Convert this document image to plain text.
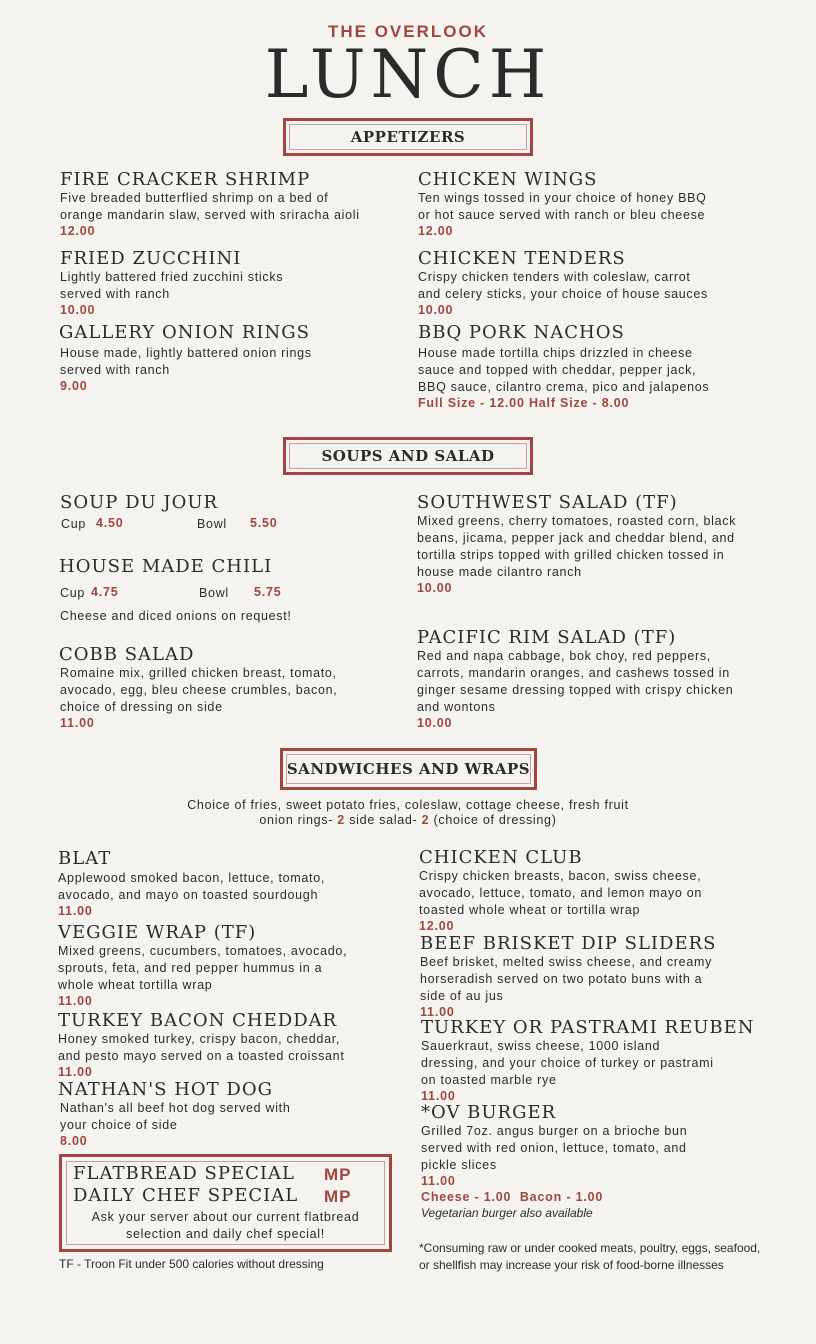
THE OVERLOOK
LUNCH
APPETIZERS
FIRE CRACKER SHRIMP
Five breaded butterflied shrimp on a bed of
orange mandarin slaw, served with sriracha aioli
12.00
FRIED ZUCCHINI
Lightly battered fried zucchini sticks
served with ranch
10.00
GALLERY ONION RINGS
House made, lightly battered onion rings
served with ranch
9.00
CHICKEN WINGS
Ten wings tossed in your choice of honey BBQ
or hot sauce served with ranch or bleu cheese
12.00
CHICKEN TENDERS
Crispy chicken tenders with coleslaw, carrot
and celery sticks, your choice of house sauces
10.00
BBQ PORK NACHOS
House made tortilla chips drizzled in cheese
sauce and topped with cheddar, pepper jack,
BBQ sauce, cilantro crema, pico and jalapenos
Full Size - 12.00 Half Size - 8.00
SOUPS AND SALAD
SOUP DU JOUR
Cup 4.50	Bowl 5.50
HOUSE MADE CHILI
Cup 4.75	Bowl 5.75
Cheese and diced onions on request!
COBB SALAD
Romaine mix, grilled chicken breast, tomato,
avocado, egg, bleu cheese crumbles, bacon,
choice of dressing on side
11.00
SOUTHWEST SALAD (TF)
Mixed greens, cherry tomatoes, roasted corn, black
beans, jicama, pepper jack and cheddar blend, and
tortilla strips topped with grilled chicken tossed in
house made cilantro ranch
10.00
PACIFIC RIM SALAD (TF)
Red and napa cabbage, bok choy, red peppers,
carrots, mandarin oranges, and cashews tossed in
ginger sesame dressing topped with crispy chicken
and wontons
10.00
SANDWICHES AND WRAPS
Choice of fries, sweet potato fries, coleslaw, cottage cheese, fresh fruit
onion rings- 2 side salad- 2 (choice of dressing)
BLAT
Applewood smoked bacon, lettuce, tomato,
avocado, and mayo on toasted sourdough
11.00
VEGGIE WRAP (TF)
Mixed greens, cucumbers, tomatoes, avocado,
sprouts, feta, and red pepper hummus in a
whole wheat tortilla wrap
11.00
TURKEY BACON CHEDDAR
Honey smoked turkey, crispy bacon, cheddar,
and pesto mayo served on a toasted croissant
11.00
NATHAN'S HOT DOG
Nathan's all beef hot dog served with
your choice of side
8.00
FLATBREAD SPECIAL MP
DAILY CHEF SPECIAL MP
Ask your server about our current flatbread
selection and daily chef special!
TF - Troon Fit under 500 calories without dressing
CHICKEN CLUB
Crispy chicken breasts, bacon, swiss cheese,
avocado, lettuce, tomato, and lemon mayo on
toasted whole wheat or tortilla wrap
12.00
BEEF BRISKET DIP SLIDERS
Beef brisket, melted swiss cheese, and creamy
horseradish served on two potato buns with a
side of au jus
11.00
TURKEY OR PASTRAMI REUBEN
Sauerkraut, swiss cheese, 1000 island
dressing, and your choice of turkey or pastrami
on toasted marble rye
11.00
*OV BURGER
Grilled 7oz. angus burger on a brioche bun
served with red onion, lettuce, tomato, and
pickle slices
11.00
Cheese - 1.00  Bacon - 1.00
Vegetarian burger also available
*Consuming raw or under cooked meats, poultry, eggs, seafood,
or shellfish may increase your risk of food-borne illnesses
